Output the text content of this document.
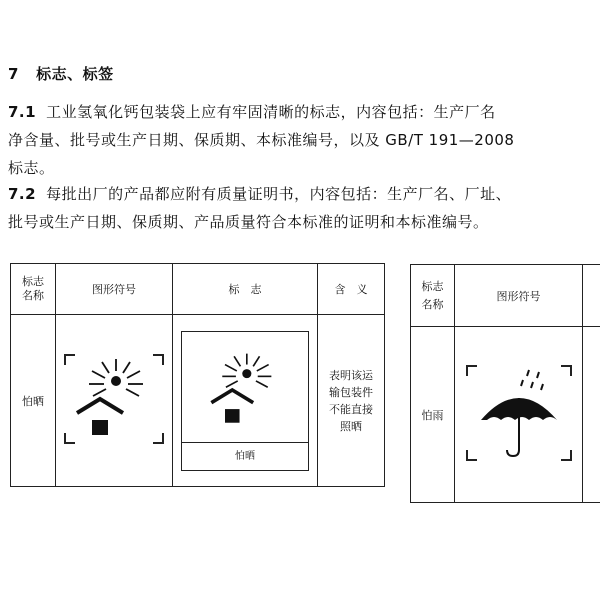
7 标志、标签
7.1 工业氢氧化钙包装袋上应有牢固清晰的标志，内容包括：生产厂名
净含量、批号或生产日期、保质期、本标准编号，以及 GB/T 191—2008
标志。
7.2 每批出厂的产品都应附有质量证明书，内容包括：生产厂名、厂址、
批号或生产日期、保质期、产品质量符合本标准的证明和本标准编号。
标志名称	图形符号	标　志	含　义
怕晒		怕晒	表明该运
输包装件
不能直接
照晒
标志名称	图形符号	
怕雨		
